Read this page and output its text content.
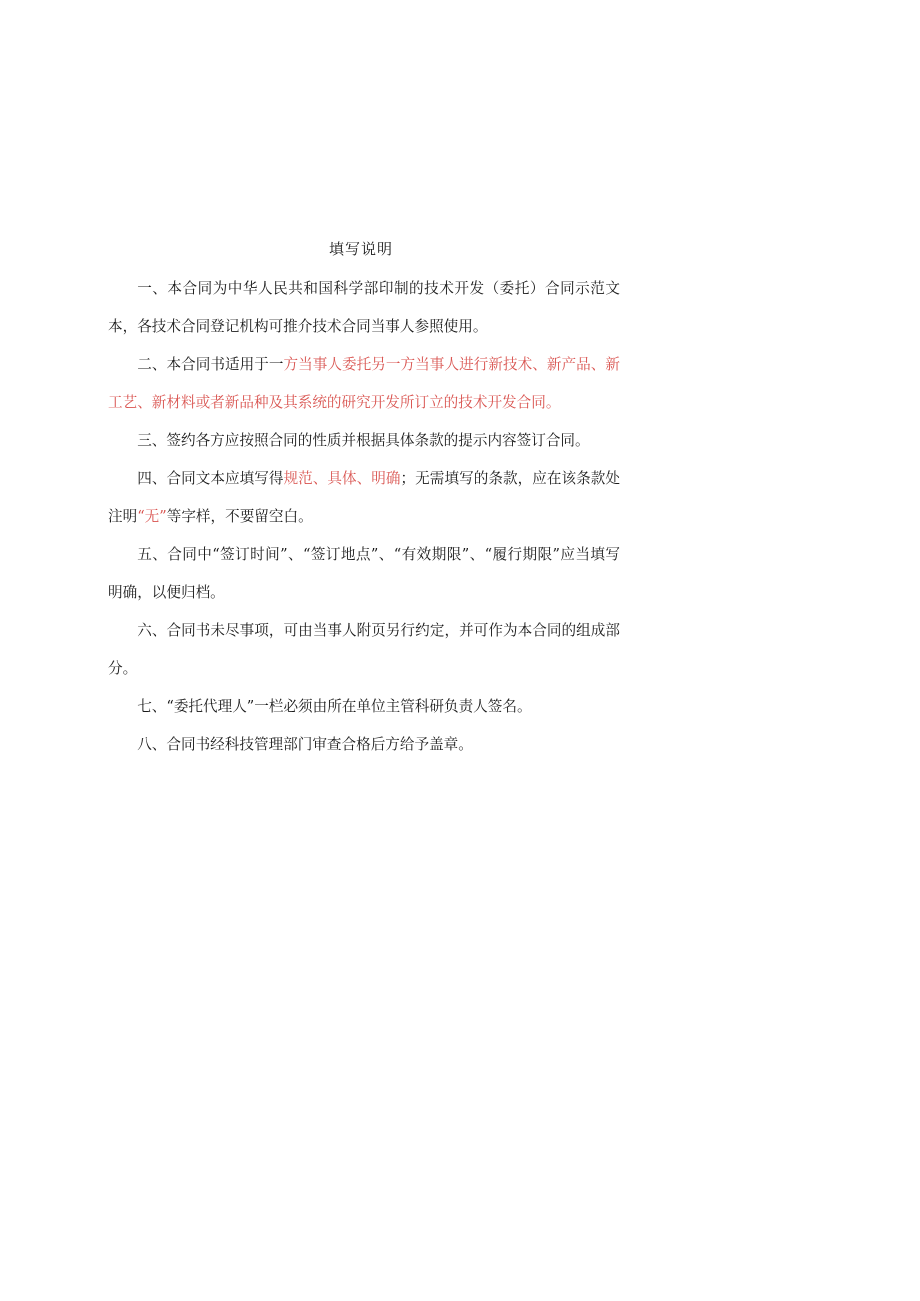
填写说明

一、本合同为中华人民共和国科学部印制的技术开发（委托）合同示范文本，各技术合同登记机构可推介技术合同当事人参照使用。

二、本合同书适用于一方当事人委托另一方当事人进行新技术、新产品、新工艺、新材料或者新品种及其系统的研究开发所订立的技术开发合同。

三、签约各方应按照合同的性质并根据具体条款的提示内容签订合同。

四、合同文本应填写得规范、具体、明确；无需填写的条款，应在该条款处注明“无”等字样，不要留空白。

五、合同中“签订时间”、“签订地点”、“有效期限”、“履行期限”应当填写明确，以便归档。

六、合同书未尽事项，可由当事人附页另行约定，并可作为本合同的组成部分。

七、“委托代理人”一栏必须由所在单位主管科研负责人签名。

八、合同书经科技管理部门审查合格后方给予盖章。
